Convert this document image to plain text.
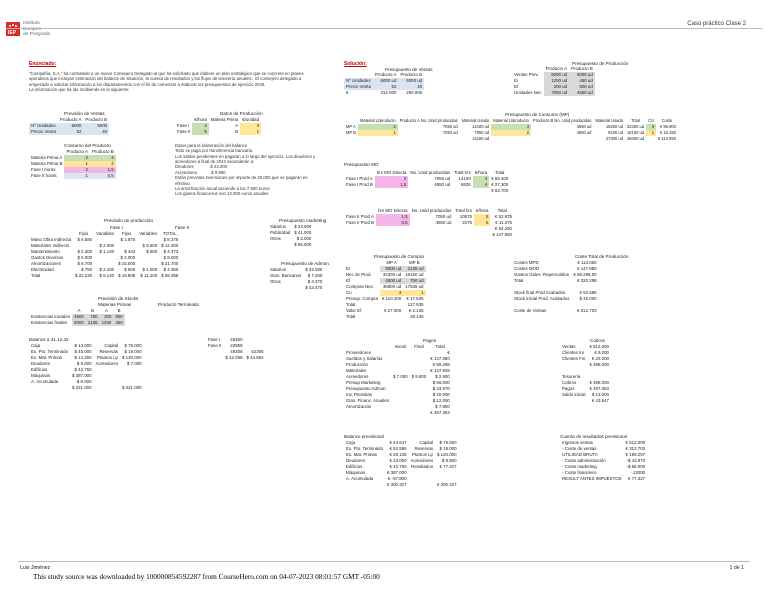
IEP
Instituto
Europeo
de Posgrado
Caso práctico Clase 2
Enunciado:
"Compañía, S.A." ha contratado a un nuevo Consejero Delegado al que ha solicitado que elabore un plan estratégico que se concrete en planes
operativos que incluyan estimación del balance de situación, la cuenta de resultados y los flujos de tesorería anuales.  El consejero delegado a
empezado a solicitar información a los departamentos con el fin de comenzar a elaborar los presupuestos de ejercicio 2043.
La información que ha ido recibiendo es la siguiente:
Previsión de Ventas
	Producto A	Producto B
Nº Unidades	6000	5000
Precio Venta	52	40
Datos de Producción
	€/hora	Materia Prima	€/unidad
Fase I	4	A	3
Fase II	5	B	1
Consumo del Producto
	Producto A	Producto B
Materia Prima A	2	4
Materia Prima B	1	2
Fase I horas	2	1,5
Fase II horas	1	0,5
Datos para la elaboración del balance
Todo se paga por transferencia bancaria.
Los saldos pendientes en pagarán a lo largo del ejercicio. Los deudores y
acreedores a final de 2043 ascenderán a:
Deudores              $ 23.000
Acreedores            $ 9.800
Están previstas inversiones por importe de 20.000 que se pagarán en
efectivo.
La amortización anual asciende a los 7.800 euros
Los gastos financieros son 12.000 euros anuales
Previsión de producción
Fase I	Fase II
	Fijos	Variables	Fijos	Variables	TOTAL
Mano Obra Indirecta	$ 6.580		$ 1.875		$ 8.375
Materiales Indirecto		$ 2.000		$ 9.600	$ 12.300
Mantenimiento	$ 2.300	$ 1.140	$ 433	$ 500	$ 4.373
Gastos Diversos	$ 6.000		$ 2.000		$ 8.000
Amortizaciones	$ 6.700		$ 15.000		$ 21.700
Electricidad	$ 750	$ 2.100	$ 500	$ 1.000	$ 4.350
Total	$ 22.230	$ 6.140	$ 19.808	$ 11.100	$ 59.398
Presupuesto marketing
Salarios	$ 23.000
Publicidad	$ 41.000
Otros	$ 2.000
	$ 66.000
Presupuesto de Admon.
Salarios	$ 32.000
Gtos. Bancarios	$ 7.400
Otros	$ 4.370
	$ 43.470
Previsión de Stocks
Materias Primas	Producto Terminado
	A	B	A	B
Existencias iniciales	4500	750	200	900
Existencias finales	9000	2135	1250	450
Balance a 31.12.42
Caja	$ 13.000	Capital	$ 75.000
Ex. Pto. Terminado	$ 45.000	Reservas	$ 19.000
Ex. Mat. Primas	$ 14.250	Ptamos Lp	$ 120.000
Deudores	$ 9.000	Acreedores	$ 7.000
Edificios	$ 42.750		
Máquinas	$ 387.000		
A. Acumulada	-$ 9.000		
	$ 321.000		$ 321.000
Fase I	26350	
Fase II	22958	
	49308	52305
	$ 42.058	$ 44.862
Solución:
Presupuesto de Ventas
	Producto A	Producto B
Nº Unidades	6000 ud	5000 ud
Precio Venta	52	40
€	312.000	200.000
Presupuesto de Producción
	Producto A	Producto B
Ventas Prev.	6000 ud	5000 ud
Ei	1250 ud	450 ud
Ef	200 ud	900 ud
Unidades Nec	7050 ud	4550 ud
Presupuesto de Consumo (MP)
	Material U/producto	Producto A No. Unid producidas	Material Usado	Material U/producto	Producto B No. Unid producidas	Material Usado	Total	CU	Coste
MP A	2	7050 ud	14100 ud	4	4550 ud	18200 ud	32300 ud	3	€ 96.900
MP B	1	7050 ud	7050 ud	2	4550 ud	9100 ud	16150 ud	1	€ 16.150
			21150 ud			27300 ud	48450 ud		€ 113.050
Presupuesto MO
	hrs MO Directa	No. Unid producidas	Total hrs	€/hora	Total
Fase I Prod A	2	7050 ud	14100	4	€ 56.400
Fase I Prod B	1,5	4550 ud	6825	4	€ 27.300
					€ 83.700
	hrs MO Directa	No. Unid producidas	Total hrs	€/hora	Total
Fase II Prod A	1,5	7050 ud	10575	5	€ 52.875
Fase II Prod B	0,5	4550 ud	2275	5	€ 11.375
					€ 64.250
					€ 147.950
Presupuesto de Compra
	MP A	MP B
Ei	9000 ud	2135 ud
Nec de Prod.	32300 ud	16150 ud
Ef	4500 ud	750 ud
Compras Nec.	36800 ud	17535 ud
Cu	3	1
Presup. Compra	€ 110.400	€ 17.535
Total		127.935
Valor Ef	€ 27.000	€ 2.135
Total		29.135
Coste Total de Producción
Costes MPD	€ 113.050
Costes MOD	€ 147.950
Gastos Gales. Repercutidos	€ 59.298,00
Total	€ 320.298

Stock final Prod Acabados	€ 52.595
Stock inicial Prod. Acabados	$ 45.000

Coste de Ventas	€ 312.703
Pagos
	Inicial	Final	Total
Proveedores			€
Sueldos y Salarios			€ 147.950
Producción			€ 59.298
Materiales			€ 127.935
Acreedores	$ 7.000	$ 9.800	$ 2.800
Presup Marketing			$ 66.000
Presupuesto Admon			$ 43.970
Inv. Previstas			$ 20.000
Gtos. Financ. Anuales			$ 12.000
Amortización			$ 7.800
			€ 467.353
Cobros
Ventas	€ 512.000
Clientes Ini	€ 9.000
Clientes Fin	€ 23.000
	€ 498.000

Tesorería	
Cobros	€ 498.000
Pagos	€ 467.353
Saldo inicial	$ 13.000
	€ 43.647
Balance previsional
Caja	€ 43.647	Capital	$ 75.000
Ex. Pto. Terminado	€ 52.595	Reservas	$ 19.000
Ex. Mat. Primas	€ 29.135	Ptamos Lp	$ 120.000
Deudores	€ 23.000	Acreedores	$ 9.800
Edificios	€ 42.750	Resultados	€ 77.327
Máquinas	€ 387.000		
A. Acumulada	€ -97.800		
	€ 300.327		€ 300.327
Cuenta de resultados previsional
Ingresos ventas	€ 512.000
- Coste de ventas	€ 312.703
UTILIDAD BRUTA	€ 199.297
- Coste administración	-$ 43.970
- Coste marketing	-$ 66.000
- Coste financiero	-12000
RESULT ANTES IMPUESTOS	€ 77.327
Luis Jiménez	1 de 1
This study source was downloaded by 100000854592287 from CourseHero.com on 04-07-2023 08:01:57 GMT -05:00
